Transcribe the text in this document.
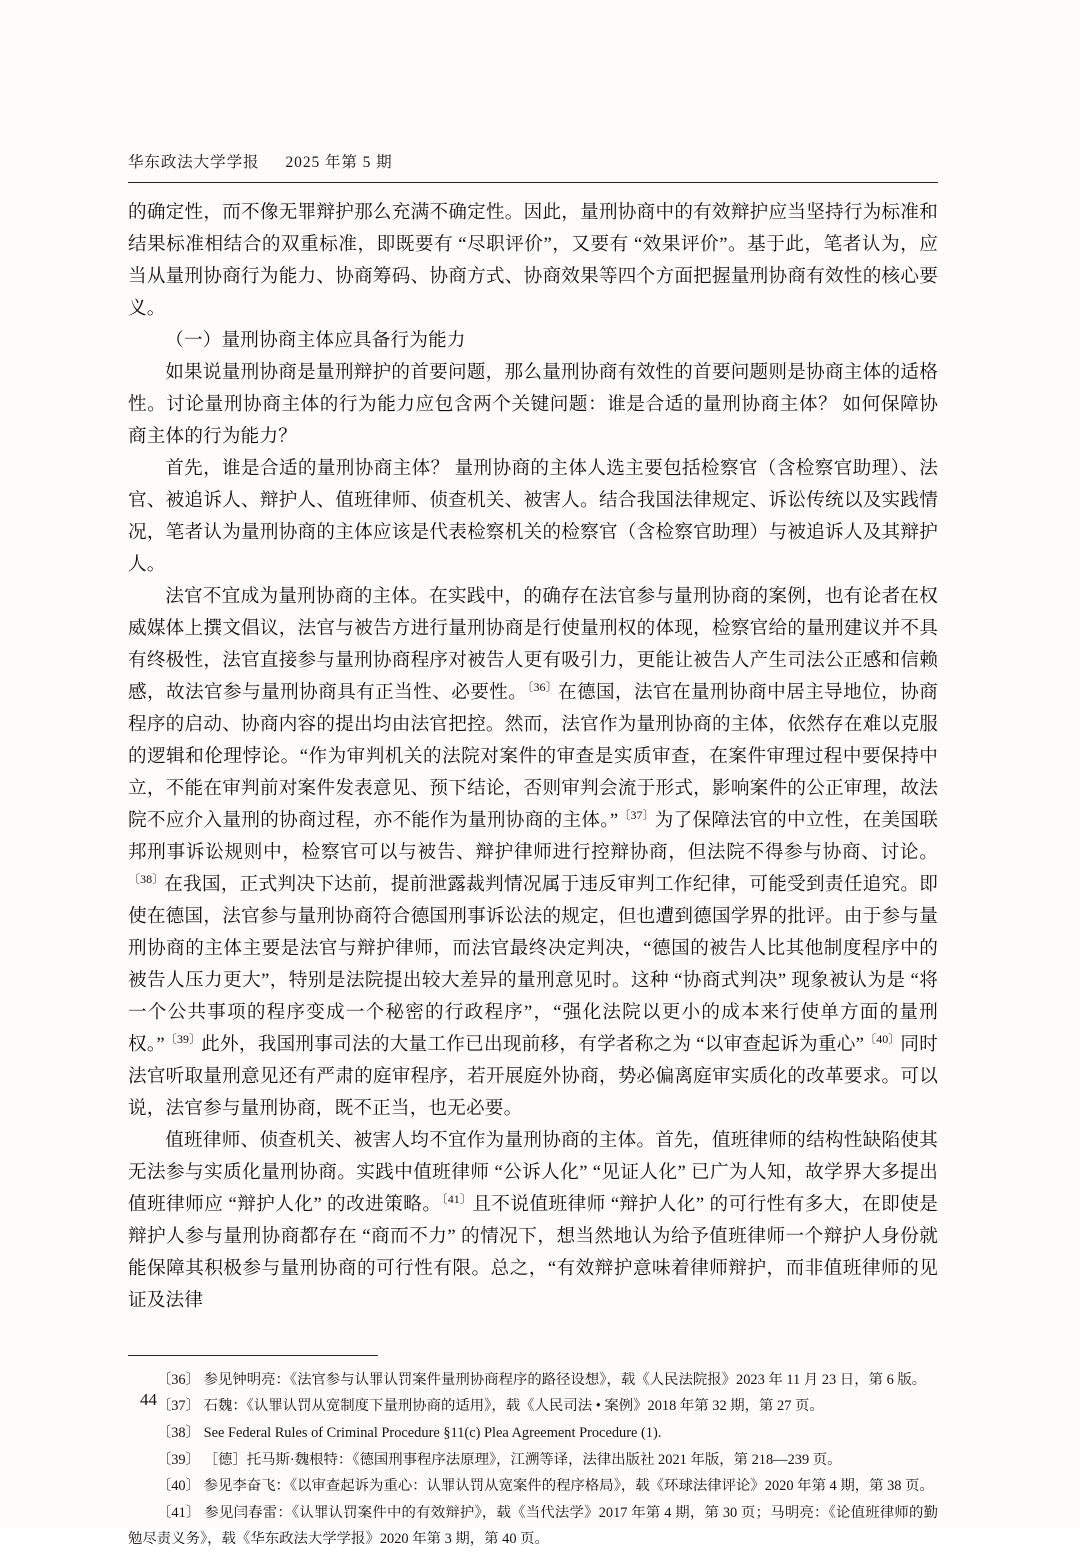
华东政法大学学报 2025 年第 5 期

的确定性，而不像无罪辩护那么充满不确定性。因此，量刑协商中的有效辩护应当坚持行为标准和结果标准相结合的双重标准，即既要有 “尽职评价”，又要有 “效果评价”。基于此，笔者认为，应当从量刑协商行为能力、协商筹码、协商方式、协商效果等四个方面把握量刑协商有效性的核心要义。

（一）量刑协商主体应具备行为能力

如果说量刑协商是量刑辩护的首要问题，那么量刑协商有效性的首要问题则是协商主体的适格性。讨论量刑协商主体的行为能力应包含两个关键问题：谁是合适的量刑协商主体？ 如何保障协商主体的行为能力？

首先，谁是合适的量刑协商主体？ 量刑协商的主体人选主要包括检察官（含检察官助理）、法官、被追诉人、辩护人、值班律师、侦查机关、被害人。结合我国法律规定、诉讼传统以及实践情况，笔者认为量刑协商的主体应该是代表检察机关的检察官（含检察官助理）与被追诉人及其辩护人。

法官不宜成为量刑协商的主体。在实践中，的确存在法官参与量刑协商的案例，也有论者在权威媒体上撰文倡议，法官与被告方进行量刑协商是行使量刑权的体现，检察官给的量刑建议并不具有终极性，法官直接参与量刑协商程序对被告人更有吸引力，更能让被告人产生司法公正感和信赖感，故法官参与量刑协商具有正当性、必要性。$^{〔36〕}$在德国，法官在量刑协商中居主导地位，协商程序的启动、协商内容的提出均由法官把控。然而，法官作为量刑协商的主体，依然存在难以克服的逻辑和伦理悖论。“作为审判机关的法院对案件的审查是实质审查，在案件审理过程中要保持中立，不能在审判前对案件发表意见、预下结论，否则审判会流于形式，影响案件的公正审理，故法院不应介入量刑的协商过程，亦不能作为量刑协商的主体。”$^{〔37〕}$为了保障法官的中立性，在美国联邦刑事诉讼规则中，检察官可以与被告、辩护律师进行控辩协商，但法院不得参与协商、讨论。$^{〔38〕}$在我国，正式判决下达前，提前泄露裁判情况属于违反审判工作纪律，可能受到责任追究。即使在德国，法官参与量刑协商符合德国刑事诉讼法的规定，但也遭到德国学界的批评。由于参与量刑协商的主体主要是法官与辩护律师，而法官最终决定判决，“德国的被告人比其他制度程序中的被告人压力更大”，特别是法院提出较大差异的量刑意见时。这种 “协商式判决” 现象被认为是 “将一个公共事项的程序变成一个秘密的行政程序”，“强化法院以更小的成本来行使单方面的量刑权。”$^{〔39〕}$此外，我国刑事司法的大量工作已出现前移，有学者称之为 “以审查起诉为重心”$^{〔40〕}$同时法官听取量刑意见还有严肃的庭审程序，若开展庭外协商，势必偏离庭审实质化的改革要求。可以说，法官参与量刑协商，既不正当，也无必要。

值班律师、侦查机关、被害人均不宜作为量刑协商的主体。首先，值班律师的结构性缺陷使其无法参与实质化量刑协商。实践中值班律师 “公诉人化” “见证人化” 已广为人知，故学界大多提出值班律师应 “辩护人化” 的改进策略。$^{〔41〕}$且不说值班律师 “辩护人化” 的可行性有多大，在即使是辩护人参与量刑协商都存在 “商而不力” 的情况下，想当然地认为给予值班律师一个辩护人身份就能保障其积极参与量刑协商的可行性有限。总之，“有效辩护意味着律师辩护，而非值班律师的见证及法律

〔36〕 参见钟明亮：《法官参与认罪认罚案件量刑协商程序的路径设想》，载《人民法院报》2023 年 11 月 23 日，第 6 版。

〔37〕 石魏：《认罪认罚从宽制度下量刑协商的适用》，载《人民司法 • 案例》2018 年第 32 期，第 27 页。

〔38〕 See Federal Rules of Criminal Procedure §11(c) Plea Agreement Procedure (1).

〔39〕 ［德］托马斯·魏根特：《德国刑事程序法原理》，江溯等译，法律出版社 2021 年版，第 218—239 页。

〔40〕 参见李奋飞：《以审查起诉为重心：认罪认罚从宽案件的程序格局》，载《环球法律评论》2020 年第 4 期，第 38 页。

〔41〕 参见闫春雷：《认罪认罚案件中的有效辩护》，载《当代法学》2017 年第 4 期，第 30 页；马明亮：《论值班律师的勤勉尽责义务》，载《华东政法大学学报》2020 年第 3 期，第 40 页。

44
